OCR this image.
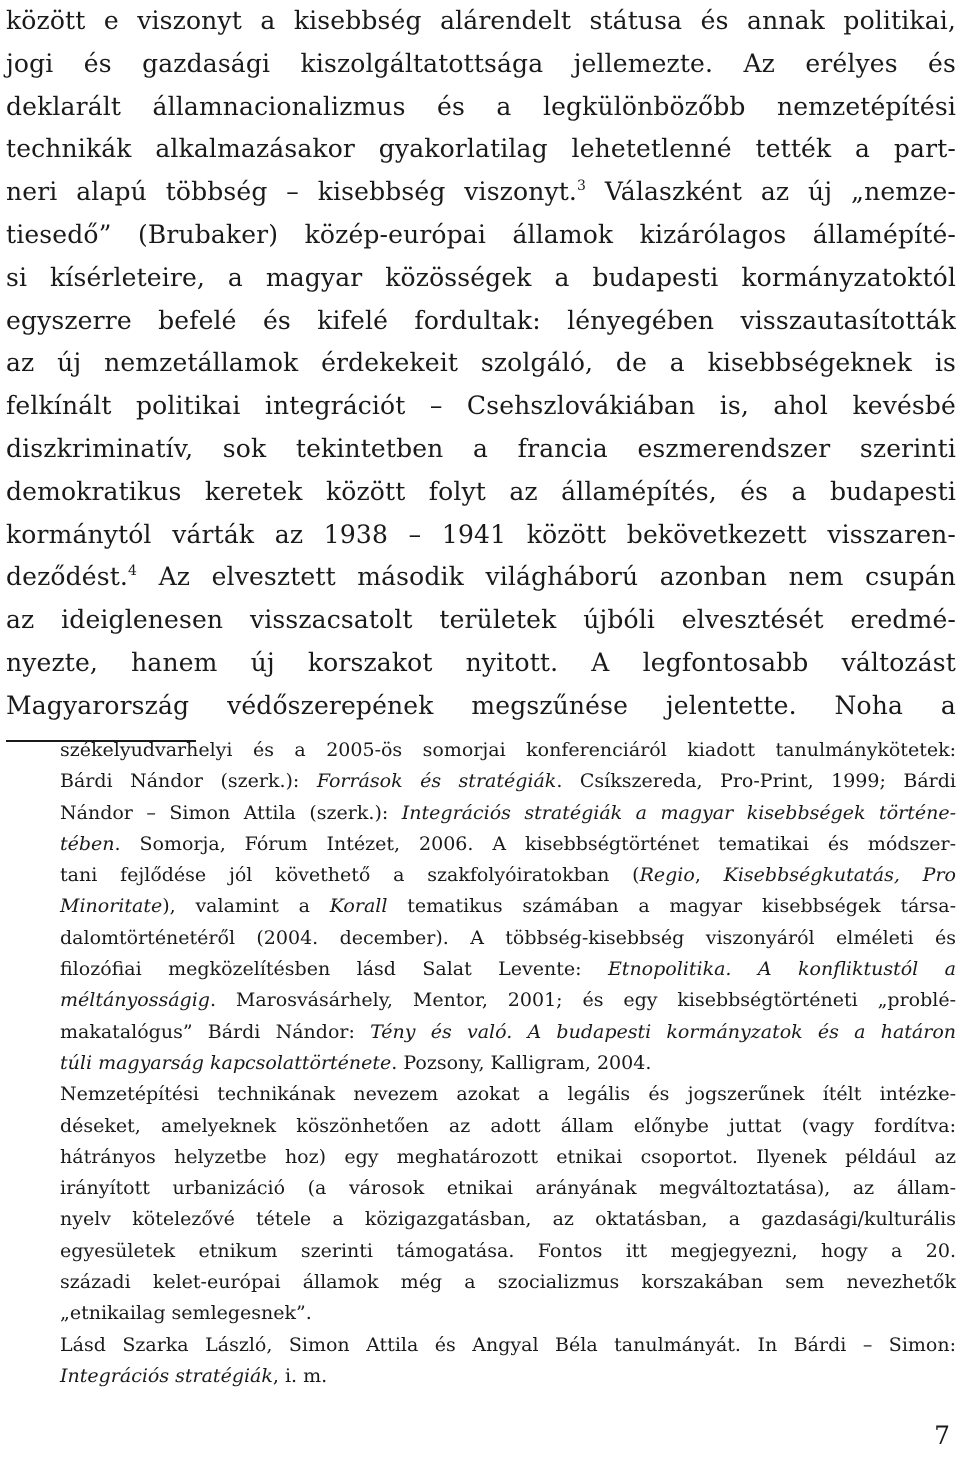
között e viszonyt a kisebbség alárendelt státusa és annak politikai,
jogi és gazdasági kiszolgáltatottsága jellemezte. Az erélyes és
deklarált államnacionalizmus és a legkülönbözőbb nemzetépítési
technikák alkalmazásakor gyakorlatilag lehetetlenné tették a part-
neri alapú többség – kisebbség viszonyt.$^3$ Válaszként az új „nemze-
tiesedő” (Brubaker) közép-európai államok kizárólagos államépíté-
si kísérleteire, a magyar közösségek a budapesti kormányzatoktól
egyszerre befelé és kifelé fordultak: lényegében visszautasították
az új nemzetállamok érdekekeit szolgáló, de a kisebbségeknek is
felkínált politikai integrációt – Csehszlovákiában is, ahol kevésbé
diszkriminatív, sok tekintetben a francia eszmerendszer szerinti
demokratikus keretek között folyt az államépítés, és a budapesti
kormánytól várták az 1938 – 1941 között bekövetkezett visszaren-
deződést.$^4$ Az elvesztett második világháború azonban nem csupán
az ideiglenesen visszacsatolt területek újbóli elvesztését eredmé-
nyezte, hanem új korszakot nyitott. A legfontosabb változást
Magyarország védőszerepének megszűnése jelentette. Noha a
székelyudvarhelyi és a 2005-ös somorjai konferenciáról kiadott tanulmánykötetek:
Bárdi Nándor (szerk.): Források és stratégiák. Csíkszereda, Pro-Print, 1999; Bárdi
Nándor – Simon Attila (szerk.): Integrációs stratégiák a magyar kisebbségek történe-
tében. Somorja, Fórum Intézet, 2006. A kisebbségtörténet tematikai és módszer-
tani fejlődése jól követhető a szakfolyóiratokban (Regio, Kisebbségkutatás, Pro
Minoritate), valamint a Korall tematikus számában a magyar kisebbségek társa-
dalomtörténetéről (2004. december). A többség-kisebbség viszonyáról elméleti és
filozófiai megközelítésben lásd Salat Levente: Etnopolitika. A konfliktustól a
méltányosságig. Marosvásárhely, Mentor, 2001; és egy kisebbségtörténeti „problé-
makatalógus” Bárdi Nándor: Tény és való. A budapesti kormányzatok és a határon
túli magyarság kapcsolattörténete. Pozsony, Kalligram, 2004.
Nemzetépítési technikának nevezem azokat a legális és jogszerűnek ítélt intézke-
déseket, amelyeknek köszönhetően az adott állam előnybe juttat (vagy fordítva:
hátrányos helyzetbe hoz) egy meghatározott etnikai csoportot. Ilyenek például az
irányított urbanizáció (a városok etnikai arányának megváltoztatása), az állam-
nyelv kötelezővé tétele a közigazgatásban, az oktatásban, a gazdasági/kulturális
egyesületek etnikum szerinti támogatása. Fontos itt megjegyezni, hogy a 20.
századi kelet-európai államok még a szocializmus korszakában sem nevezhetők
„etnikailag semlegesnek”.
Lásd Szarka László, Simon Attila és Angyal Béla tanulmányát. In Bárdi – Simon:
Integrációs stratégiák, i. m.
7
